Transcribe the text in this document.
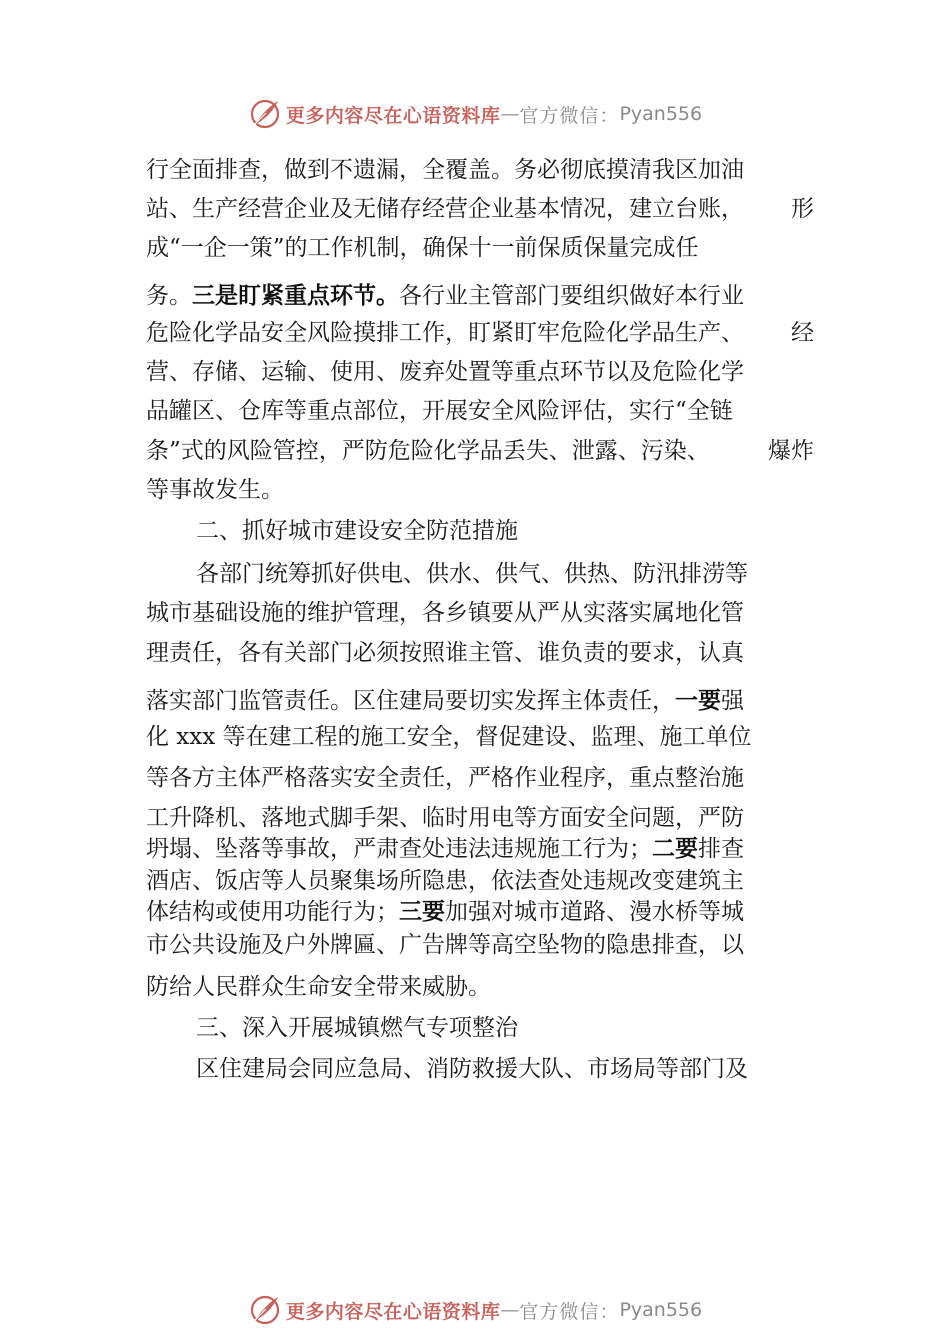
更多内容尽在心语资料库 — 官方微信： Pyan556
行全面排查，做到不遗漏，全覆盖。务必彻底摸清我区加油
站、生产经营企业及无储存经营企业基本情况，建立台账， 形
成“一企一策”的工作机制，确保十一前保质保量完成任
务。三是盯紧重点环节。各行业主管部门要组织做好本行业
危险化学品安全风险摸排工作，盯紧盯牢危险化学品生产、 经
营、存储、运输、使用、废弃处置等重点环节以及危险化学
品罐区、仓库等重点部位，开展安全风险评估，实行“全链
条”式的风险管控，严防危险化学品丢失、泄露、污染、	爆炸
等事故发生。
二、抓好城市建设安全防范措施
各部门统筹抓好供电、供水、供气、供热、防汛排涝等
城市基础设施的维护管理，各乡镇要从严从实落实属地化管
理责任，各有关部门必须按照谁主管、谁负责的要求，认真
落实部门监管责任。区住建局要切实发挥主体责任，一要强
化 xxx 等在建工程的施工安全，督促建设、监理、施工单位
等各方主体严格落实安全责任，严格作业程序，重点整治施
工升降机、落地式脚手架、临时用电等方面安全问题，严防
坍塌、坠落等事故，严肃查处违法违规施工行为；二要排查
酒店、饭店等人员聚集场所隐患，依法查处违规改变建筑主
体结构或使用功能行为；三要加强对城市道路、漫水桥等城
市公共设施及户外牌匾、广告牌等高空坠物的隐患排查，以
防给人民群众生命安全带来威胁。
三、深入开展城镇燃气专项整治
区住建局会同应急局、消防救援大队、市场局等部门及
更多内容尽在心语资料库 — 官方微信： Pyan556
